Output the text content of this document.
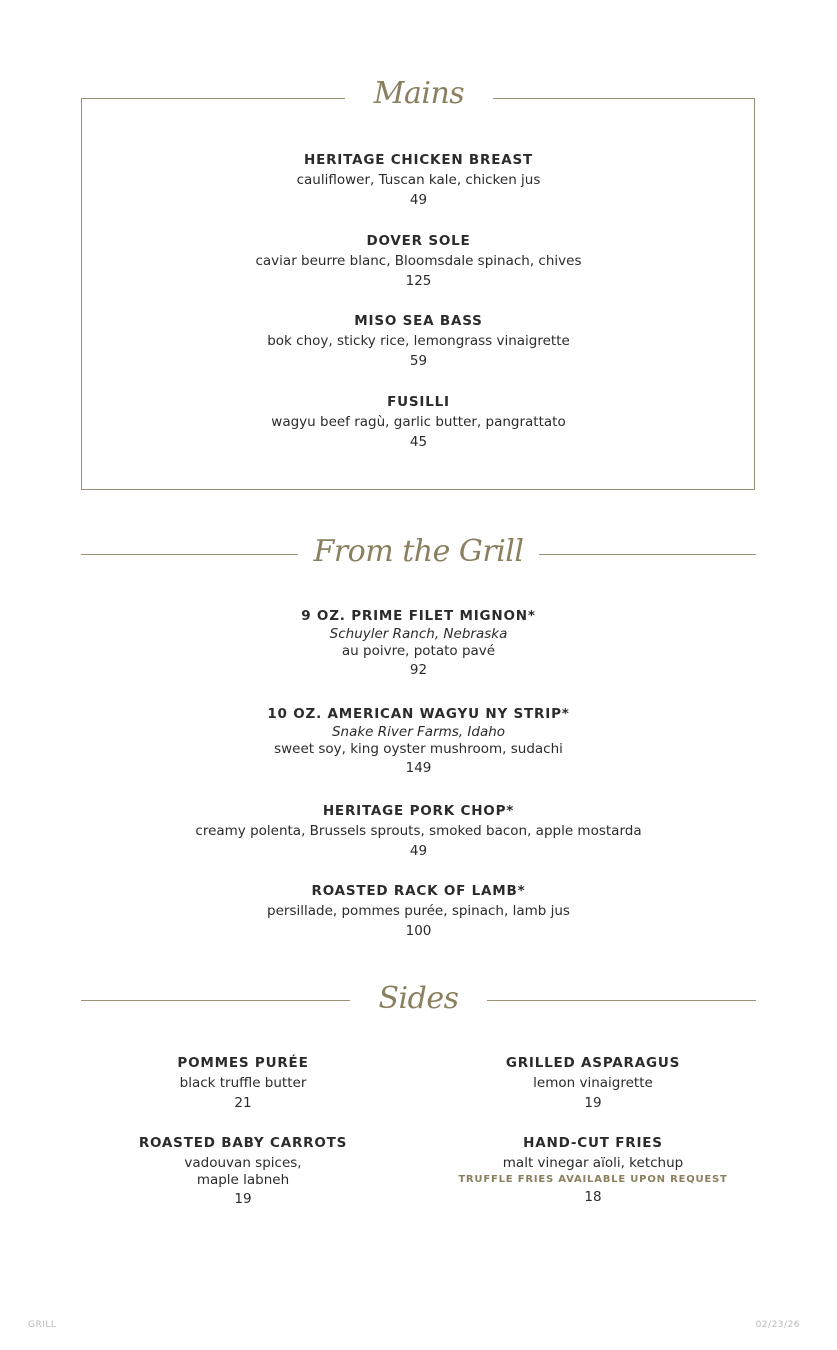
Mains
HERITAGE CHICKEN BREAST
cauliflower, Tuscan kale, chicken jus
49
DOVER SOLE
caviar beurre blanc, Bloomsdale spinach, chives
125
MISO SEA BASS
bok choy, sticky rice, lemongrass vinaigrette
59
FUSILLI
wagyu beef ragù, garlic butter, pangrattato
45
From the Grill
9 OZ. PRIME FILET MIGNON*
Schuyler Ranch, Nebraska
au poivre, potato pavé
92
10 OZ. AMERICAN WAGYU NY STRIP*
Snake River Farms, Idaho
sweet soy, king oyster mushroom, sudachi
149
HERITAGE PORK CHOP*
creamy polenta, Brussels sprouts, smoked bacon, apple mostarda
49
ROASTED RACK OF LAMB*
persillade, pommes purée, spinach, lamb jus
100
Sides
POMMES PURÉE
black truffle butter
21
GRILLED ASPARAGUS
lemon vinaigrette
19
ROASTED BABY CARROTS
vadouvan spices,
maple labneh
19
HAND-CUT FRIES
malt vinegar aïoli, ketchup
TRUFFLE FRIES AVAILABLE UPON REQUEST
18
GRILL	02/23/26
